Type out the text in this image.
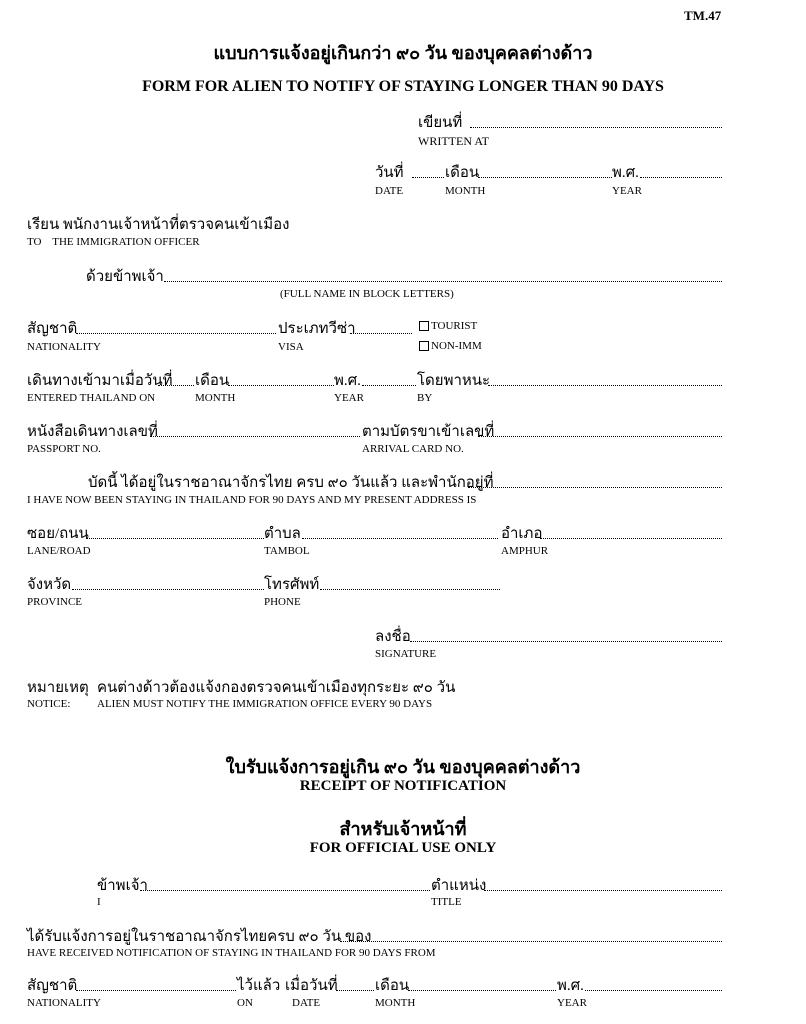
TM.47
แบบการแจ้งอยู่เกินกว่า ๙๐ วัน ของบุคคลต่างด้าว
FORM FOR ALIEN TO NOTIFY OF STAYING LONGER THAN 90 DAYS
เขียนที่
WRITTEN AT
วันที่	เดือน	พ.ศ.
DATE	MONTH	YEAR
เรียน พนักงานเจ้าหน้าที่ตรวจคนเข้าเมือง
TO    THE IMMIGRATION OFFICER
ด้วยข้าพเจ้า
(FULL NAME IN BLOCK LETTERS)
สัญชาติ	ประเภทวีซ่า	TOURIST
NON-IMM
NATIONALITY	VISA
เดินทางเข้ามาเมื่อวันที่ เดือน	พ.ศ.	โดยพาหนะ
ENTERED THAILAND ON	MONTH	YEAR	BY
หนังสือเดินทางเลขที่	ตามบัตรขาเข้าเลขที่
PASSPORT NO.	ARRIVAL CARD NO.
บัดนี้ ได้อยู่ในราชอาณาจักรไทย ครบ ๙๐ วันแล้ว และพำนักอยู่ที่
I HAVE NOW BEEN STAYING IN THAILAND FOR 90 DAYS AND MY PRESENT ADDRESS IS
ซอย/ถนน	ตำบล	อำเภอ
LANE/ROAD	TAMBOL	AMPHUR
จังหวัด	โทรศัพท์
PROVINCE	PHONE
ลงชื่อ
SIGNATURE
หมายเหตุ คนต่างด้าวต้องแจ้งกองตรวจคนเข้าเมืองทุกระยะ ๙๐ วัน
NOTICE: ALIEN MUST NOTIFY THE IMMIGRATION OFFICE EVERY 90 DAYS
ใบรับแจ้งการอยู่เกิน ๙๐ วัน ของบุคคลต่างด้าว
RECEIPT OF NOTIFICATION
สำหรับเจ้าหน้าที่
FOR OFFICIAL USE ONLY
ข้าพเจ้า	ตำแหน่ง
I	TITLE
ได้รับแจ้งการอยู่ในราชอาณาจักรไทยครบ ๙๐ วัน ของ
HAVE RECEIVED NOTIFICATION OF STAYING IN THAILAND FOR 90 DAYS FROM
สัญชาติ	ไว้แล้ว เมื่อวันที่ เดือน	พ.ศ.
NATIONALITY	ON	DATE	MONTH	YEAR
